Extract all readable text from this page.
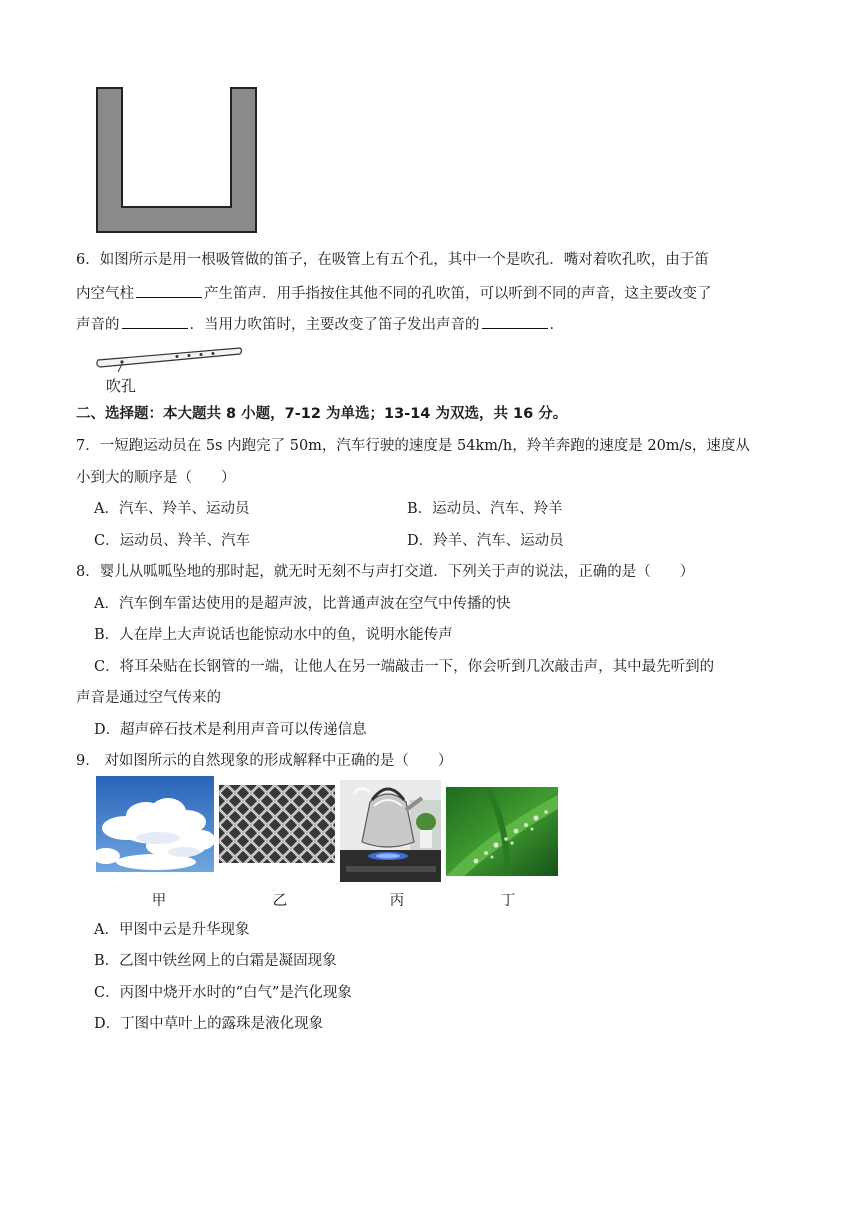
6．如图所示是用一根吸管做的笛子，在吸管上有五个孔，其中一个是吹孔．嘴对着吹孔吹，由于笛
内空气柱	产生笛声．用手指按住其他不同的孔吹笛，可以听到不同的声音，这主要改变了
声音的	．当用力吹笛时，主要改变了笛子发出声音的	．
吹孔
二、选择题：本大题共 8 小题，7-12 为单选；13-14 为双选，共 16 分。
7．一短跑运动员在 5s 内跑完了 50m，汽车行驶的速度是 54km/h，羚羊奔跑的速度是 20m/s，速度从
小到大的顺序是（　　）
A．汽车、羚羊、运动员	B．运动员、汽车、羚羊
C．运动员、羚羊、汽车	D．羚羊、汽车、运动员
8．婴儿从呱呱坠地的那时起，就无时无刻不与声打交道．下列关于声的说法，正确的是（　　）
A．汽车倒车雷达使用的是超声波，比普通声波在空气中传播的快
B．人在岸上大声说话也能惊动水中的鱼，说明水能传声
C．将耳朵贴在长钢管的一端，让他人在另一端敲击一下，你会听到几次敲击声，其中最先听到的
声音是通过空气传来的
D．超声碎石技术是利用声音可以传递信息
9． 对如图所示的自然现象的形成解释中正确的是（　　）
甲	乙	丙	丁
A．甲图中云是升华现象
B．乙图中铁丝网上的白霜是凝固现象
C．丙图中烧开水时的“白气”是汽化现象
D．丁图中草叶上的露珠是液化现象
